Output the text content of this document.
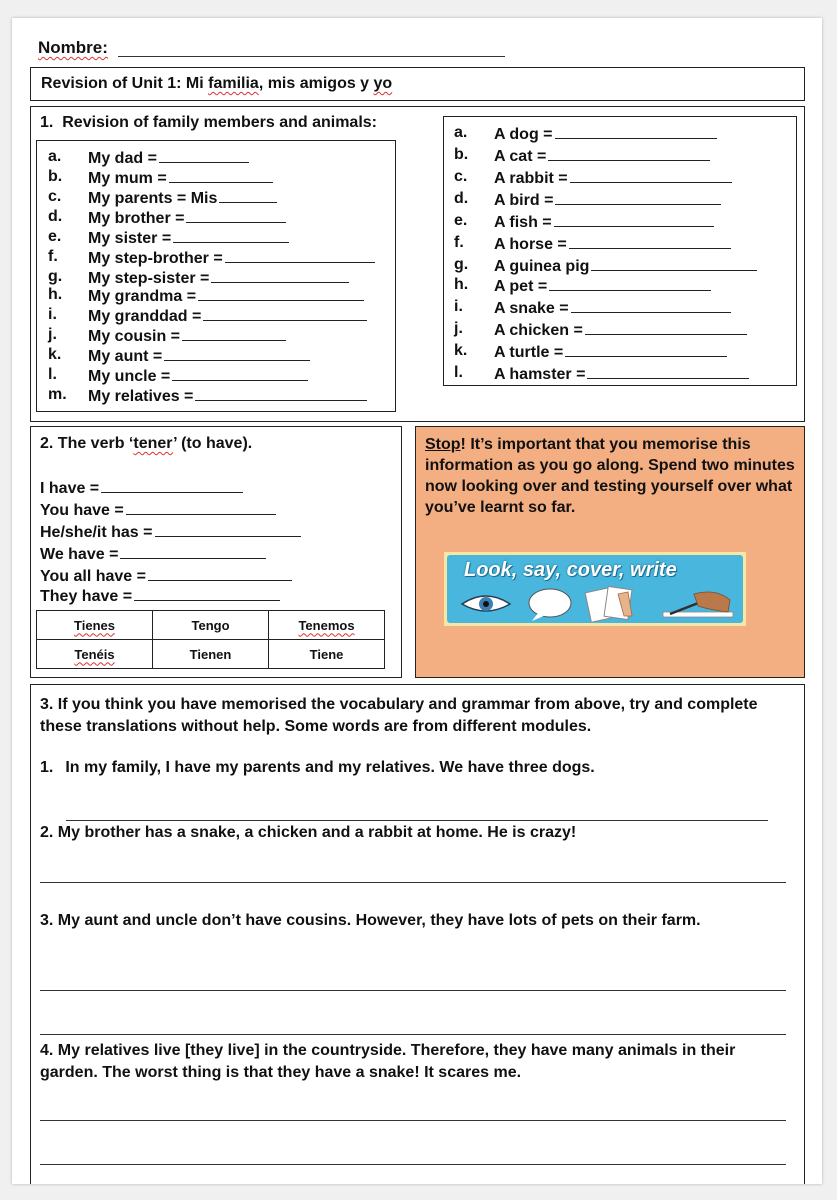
Nombre:
Revision of Unit 1: Mi familia, mis amigos y yo
1.  Revision of family members and animals:
2. The verb ‘tener’ (to have).
Tienes	Tengo	Tenemos
Tenéis	Tienen	Tiene
Stop! It’s important that you memorise this information as you go along. Spend two minutes now looking over and testing yourself over what you’ve learnt so far.
Look, say, cover, write
3. If you think you have memorised the vocabulary and grammar from above, try and complete these translations without help. Some words are from different modules.
1. In my family, I have my parents and my relatives. We have three dogs.
2. My brother has a snake, a chicken and a rabbit at home. He is crazy!
3. My aunt and uncle don’t have cousins. However, they have lots of pets on their farm.
4. My relatives live [they live] in the countryside. Therefore, they have many animals in their garden. The worst thing is that they have a snake! It scares me.
a. My dad =
b. My mum =
c. My parents = Mis
d. My brother =
e. My sister =
f. My step-brother =
g. My step-sister =
h. My grandma =
i. My granddad =
j. My cousin =
k. My aunt =
l. My uncle =
m. My relatives =
a. A dog =
b. A cat =
c. A rabbit =
d. A bird =
e. A fish =
f. A horse =
g. A guinea pig
h. A pet =
i. A snake =
j. A chicken =
k. A turtle =
l. A hamster =
I have =
You have =
He/she/it has =
We have =
You all have =
They have =
